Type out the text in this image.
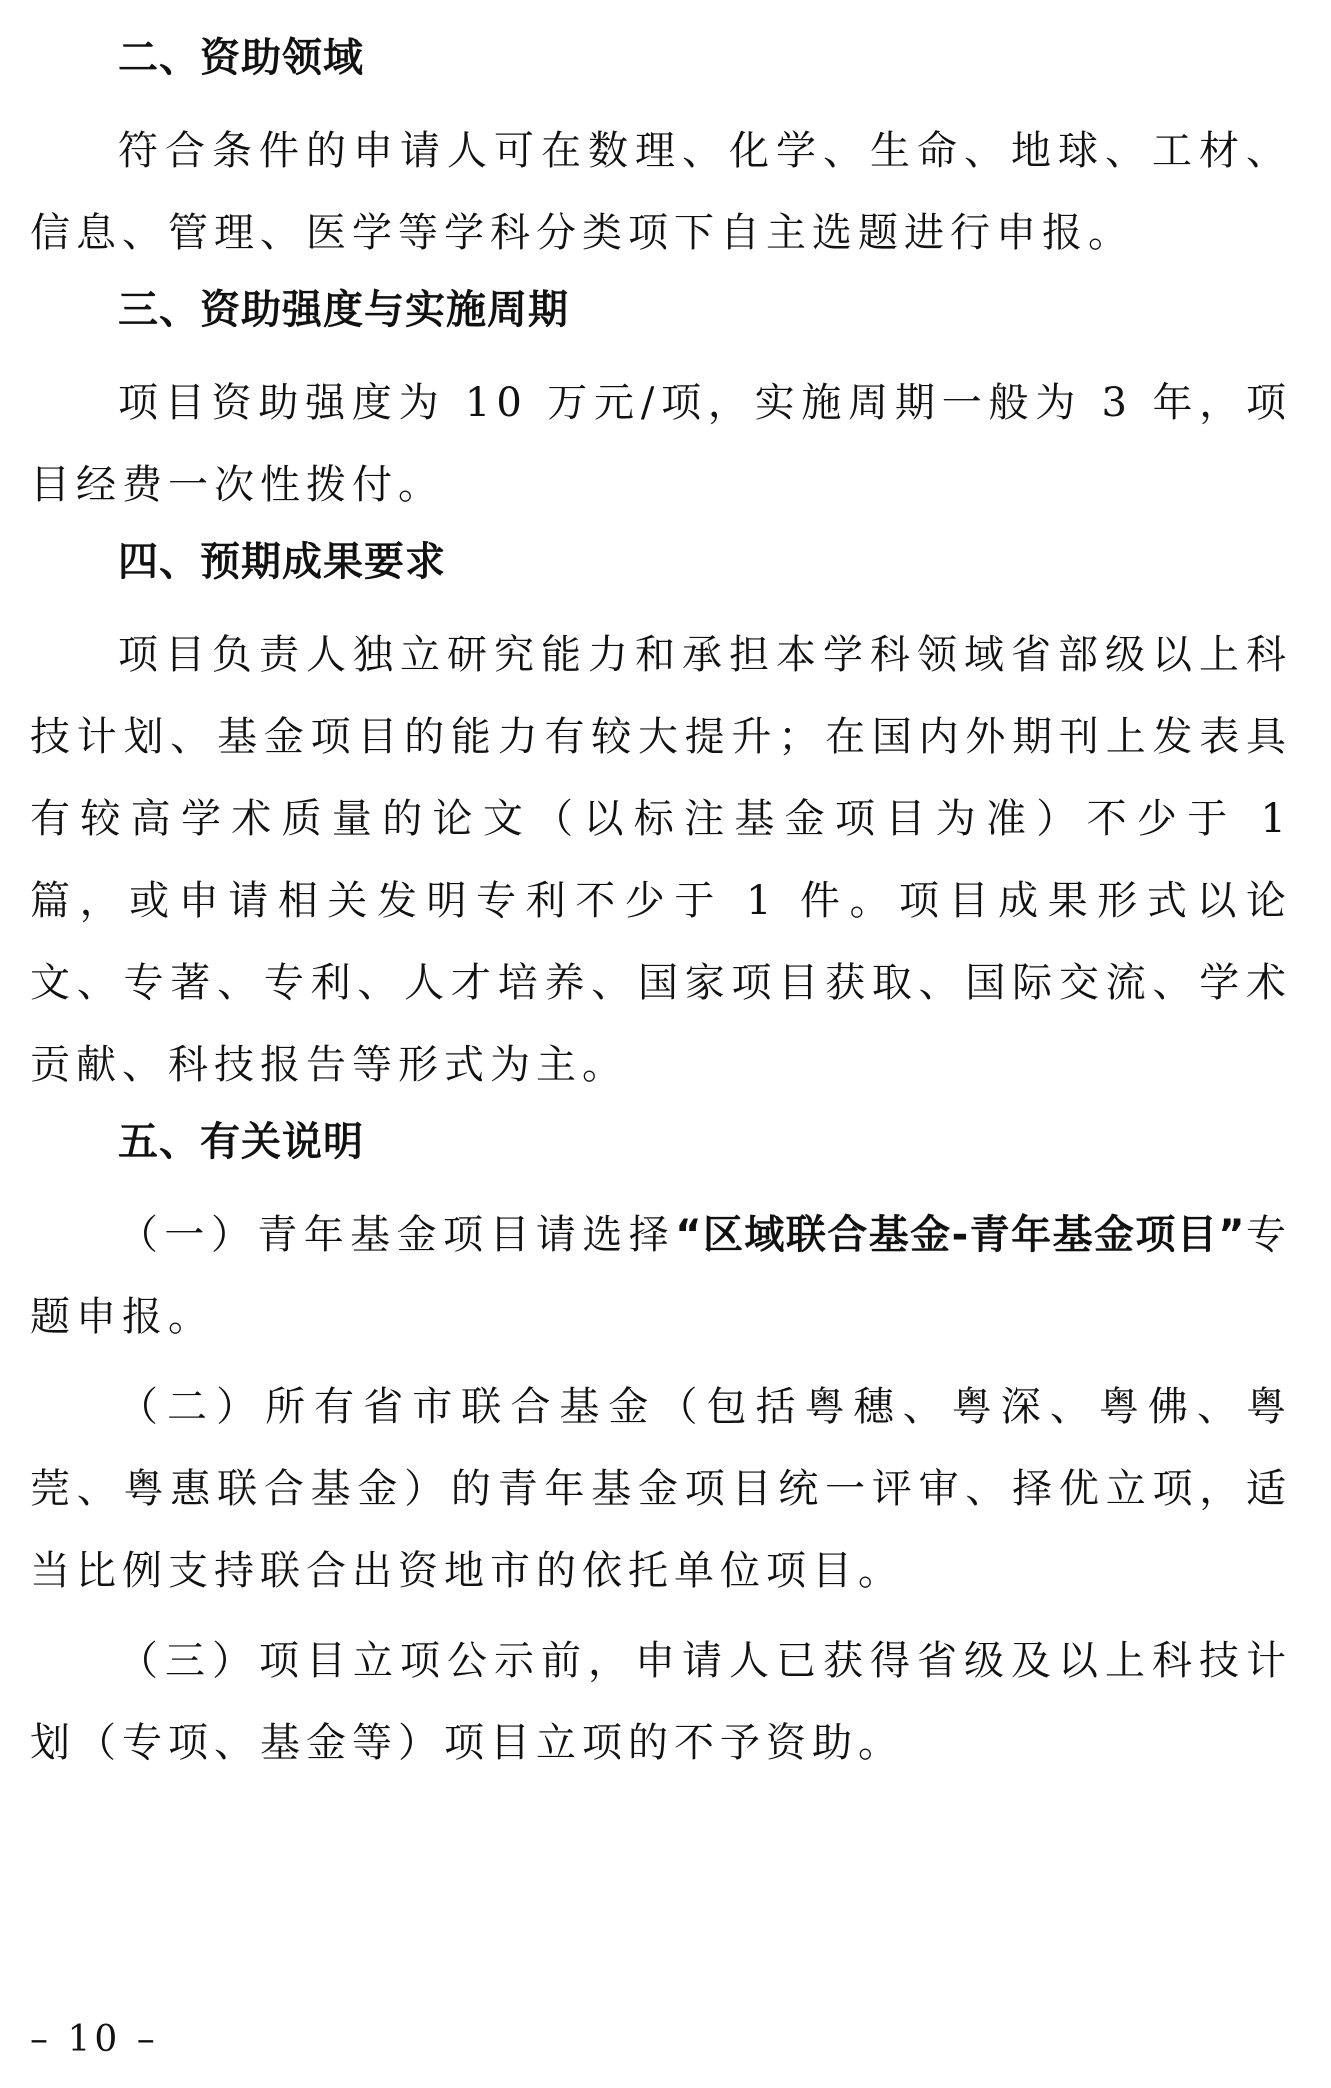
二、资助领域

符合条件的申请人可在数理、化学、生命、地球、工材、信息、管理、医学等学科分类项下自主选题进行申报。

三、资助强度与实施周期

项目资助强度为 10 万元/项，实施周期一般为 3 年，项目经费一次性拨付。

四、预期成果要求

项目负责人独立研究能力和承担本学科领域省部级以上科技计划、基金项目的能力有较大提升；在国内外期刊上发表具有较高学术质量的论文（以标注基金项目为准）不少于 1 篇，或申请相关发明专利不少于 1 件。项目成果形式以论文、专著、专利、人才培养、国家项目获取、国际交流、学术贡献、科技报告等形式为主。

五、有关说明

（一）青年基金项目请选择“区域联合基金-青年基金项目”专题申报。

（二）所有省市联合基金（包括粤穗、粤深、粤佛、粤莞、粤惠联合基金）的青年基金项目统一评审、择优立项，适当比例支持联合出资地市的依托单位项目。

（三）项目立项公示前，申请人已获得省级及以上科技计划（专项、基金等）项目立项的不予资助。

– 10 –
